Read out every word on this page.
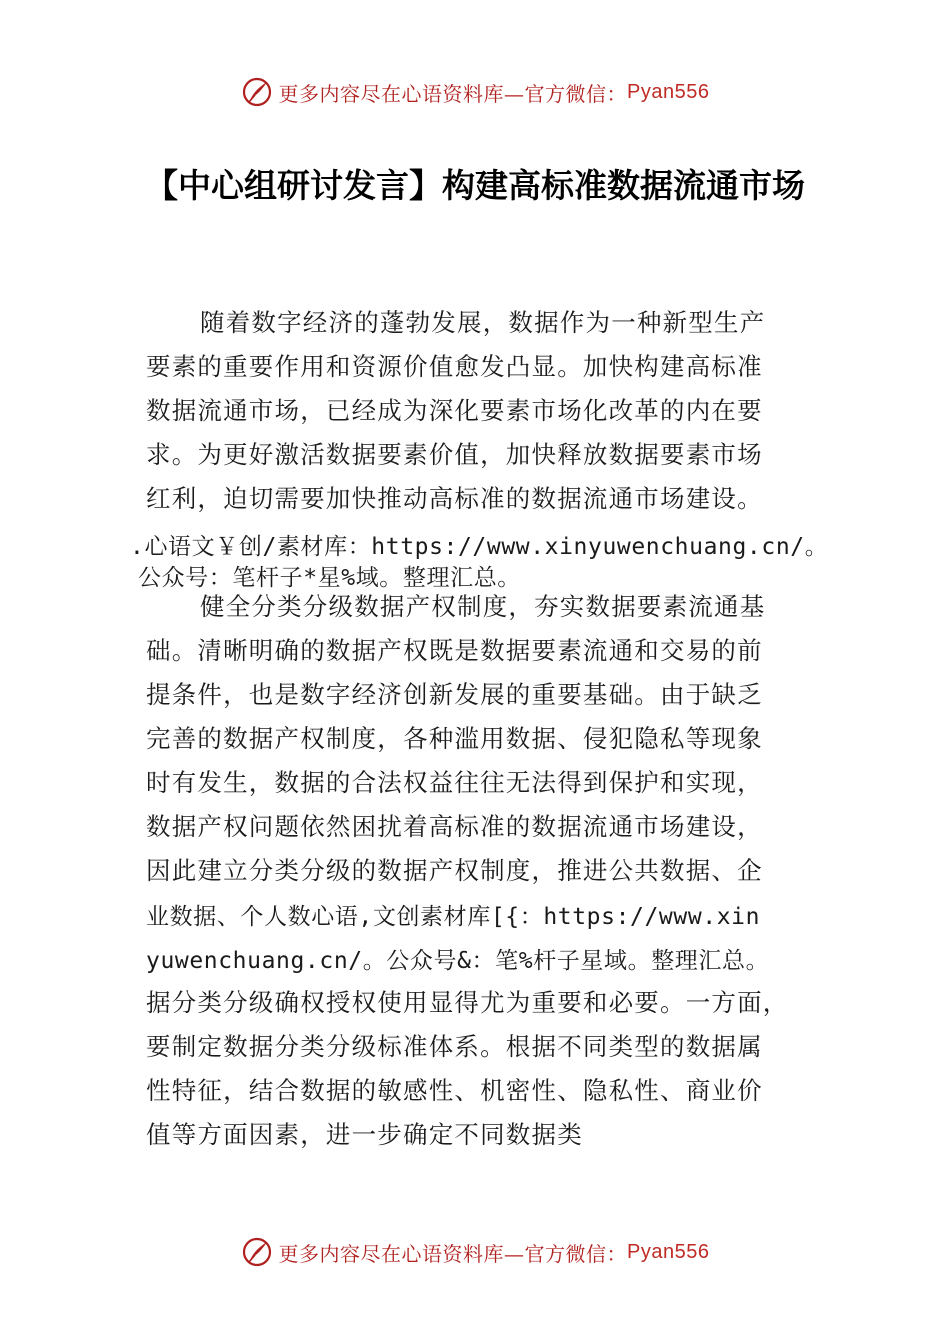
更多内容尽在心语资料库—官方微信： Pyan556
【中心组研讨发言】构建高标准数据流通市场
随着数字经济的蓬勃发展，数据作为一种新型生产
要素的重要作用和资源价值愈发凸显。加快构建高标准
数据流通市场，已经成为深化要素市场化改革的内在要
求。为更好激活数据要素价值，加快释放数据要素市场
红利，迫切需要加快推动高标准的数据流通市场建设。
.心语文￥创/素材库：https://www.xinyuwenchuang.cn/。
公众号：笔杆子*星%域。整理汇总。
健全分类分级数据产权制度，夯实数据要素流通基
础。清晰明确的数据产权既是数据要素流通和交易的前
提条件，也是数字经济创新发展的重要基础。由于缺乏
完善的数据产权制度，各种滥用数据、侵犯隐私等现象
时有发生，数据的合法权益往往无法得到保护和实现，
数据产权问题依然困扰着高标准的数据流通市场建设，
因此建立分类分级的数据产权制度，推进公共数据、企
业数据、个人数心语,文创素材库[{：https://www.xin
yuwenchuang.cn/。公众号&：笔%杆子星域。整理汇总。
据分类分级确权授权使用显得尤为重要和必要。一方面，
要制定数据分类分级标准体系。根据不同类型的数据属
性特征，结合数据的敏感性、机密性、隐私性、商业价
值等方面因素，进一步确定不同数据类
更多内容尽在心语资料库—官方微信： Pyan556
